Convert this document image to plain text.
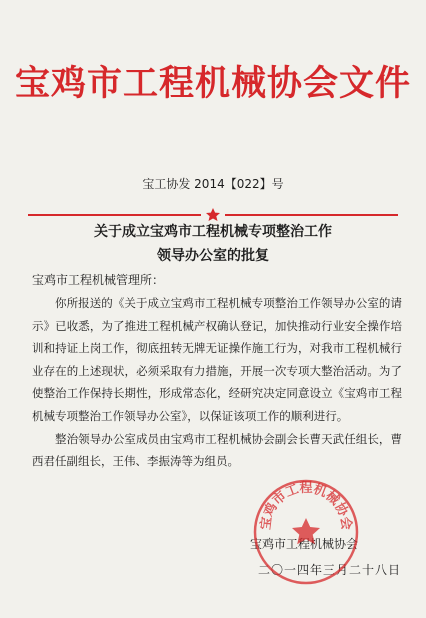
宝鸡市工程机械协会文件
宝工协发 2014【022】号
关于成立宝鸡市工程机械专项整治工作
领导办公室的批复
宝鸡市工程机械管理所：

你所报送的《关于成立宝鸡市工程机械专项整治工作领导办公室的请示》已收悉，为了推进工程机械产权确认登记，加快推动行业安全操作培训和持证上岗工作，彻底扭转无牌无证操作施工行为，对我市工程机械行业存在的上述现状，必须采取有力措施，开展一次专项大整治活动。为了使整治工作保持长期性，形成常态化，经研究决定同意设立《宝鸡市工程机械专项整治工作领导办公室》，以保证该项工作的顺利进行。

整治领导办公室成员由宝鸡市工程机械协会副会长曹天武任组长，曹西君任副组长，王伟、李振涛等为组员。

宝鸡市工程机械协会
二〇一四年三月二十八日
宝鸡市工程机械协会
